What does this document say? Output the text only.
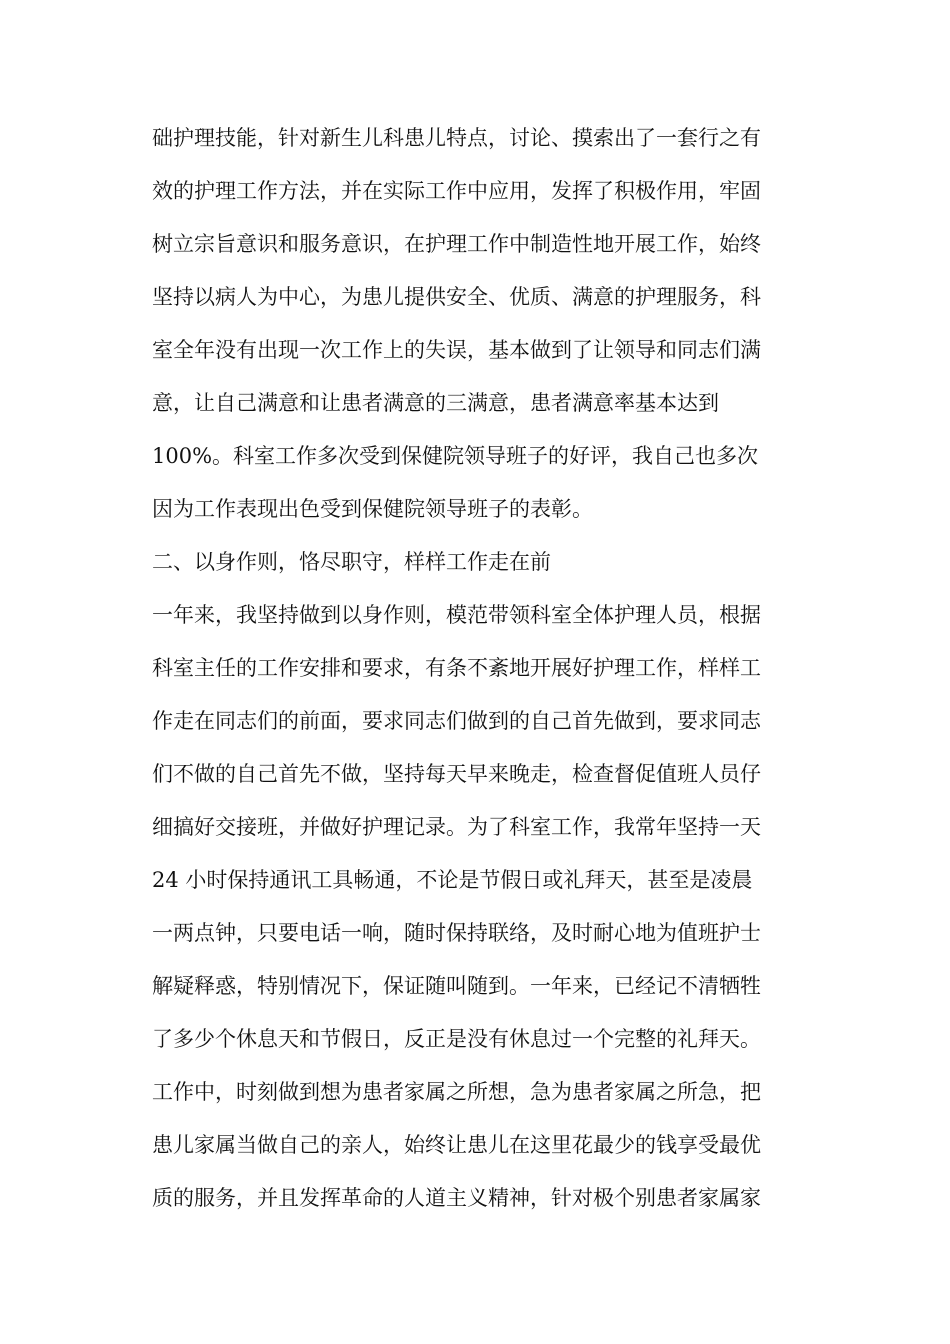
础护理技能，针对新生儿科患儿特点，讨论、摸索出了一套行之有
效的护理工作方法，并在实际工作中应用，发挥了积极作用，牢固
树立宗旨意识和服务意识，在护理工作中制造性地开展工作，始终
坚持以病人为中心，为患儿提供安全、优质、满意的护理服务，科
室全年没有出现一次工作上的失误，基本做到了让领导和同志们满
意，让自己满意和让患者满意的三满意，患者满意率基本达到
100%。科室工作多次受到保健院领导班子的好评，我自己也多次
因为工作表现出色受到保健院领导班子的表彰。
二、以身作则，恪尽职守，样样工作走在前
一年来，我坚持做到以身作则，模范带领科室全体护理人员，根据
科室主任的工作安排和要求，有条不紊地开展好护理工作，样样工
作走在同志们的前面，要求同志们做到的自己首先做到，要求同志
们不做的自己首先不做，坚持每天早来晚走，检查督促值班人员仔
细搞好交接班，并做好护理记录。为了科室工作，我常年坚持一天
24 小时保持通讯工具畅通，不论是节假日或礼拜天，甚至是凌晨
一两点钟，只要电话一响，随时保持联络，及时耐心地为值班护士
解疑释惑，特别情况下，保证随叫随到。一年来，已经记不清牺牲
了多少个休息天和节假日，反正是没有休息过一个完整的礼拜天。
工作中，时刻做到想为患者家属之所想，急为患者家属之所急，把
患儿家属当做自己的亲人，始终让患儿在这里花最少的钱享受最优
质的服务，并且发挥革命的人道主义精神，针对极个别患者家属家
